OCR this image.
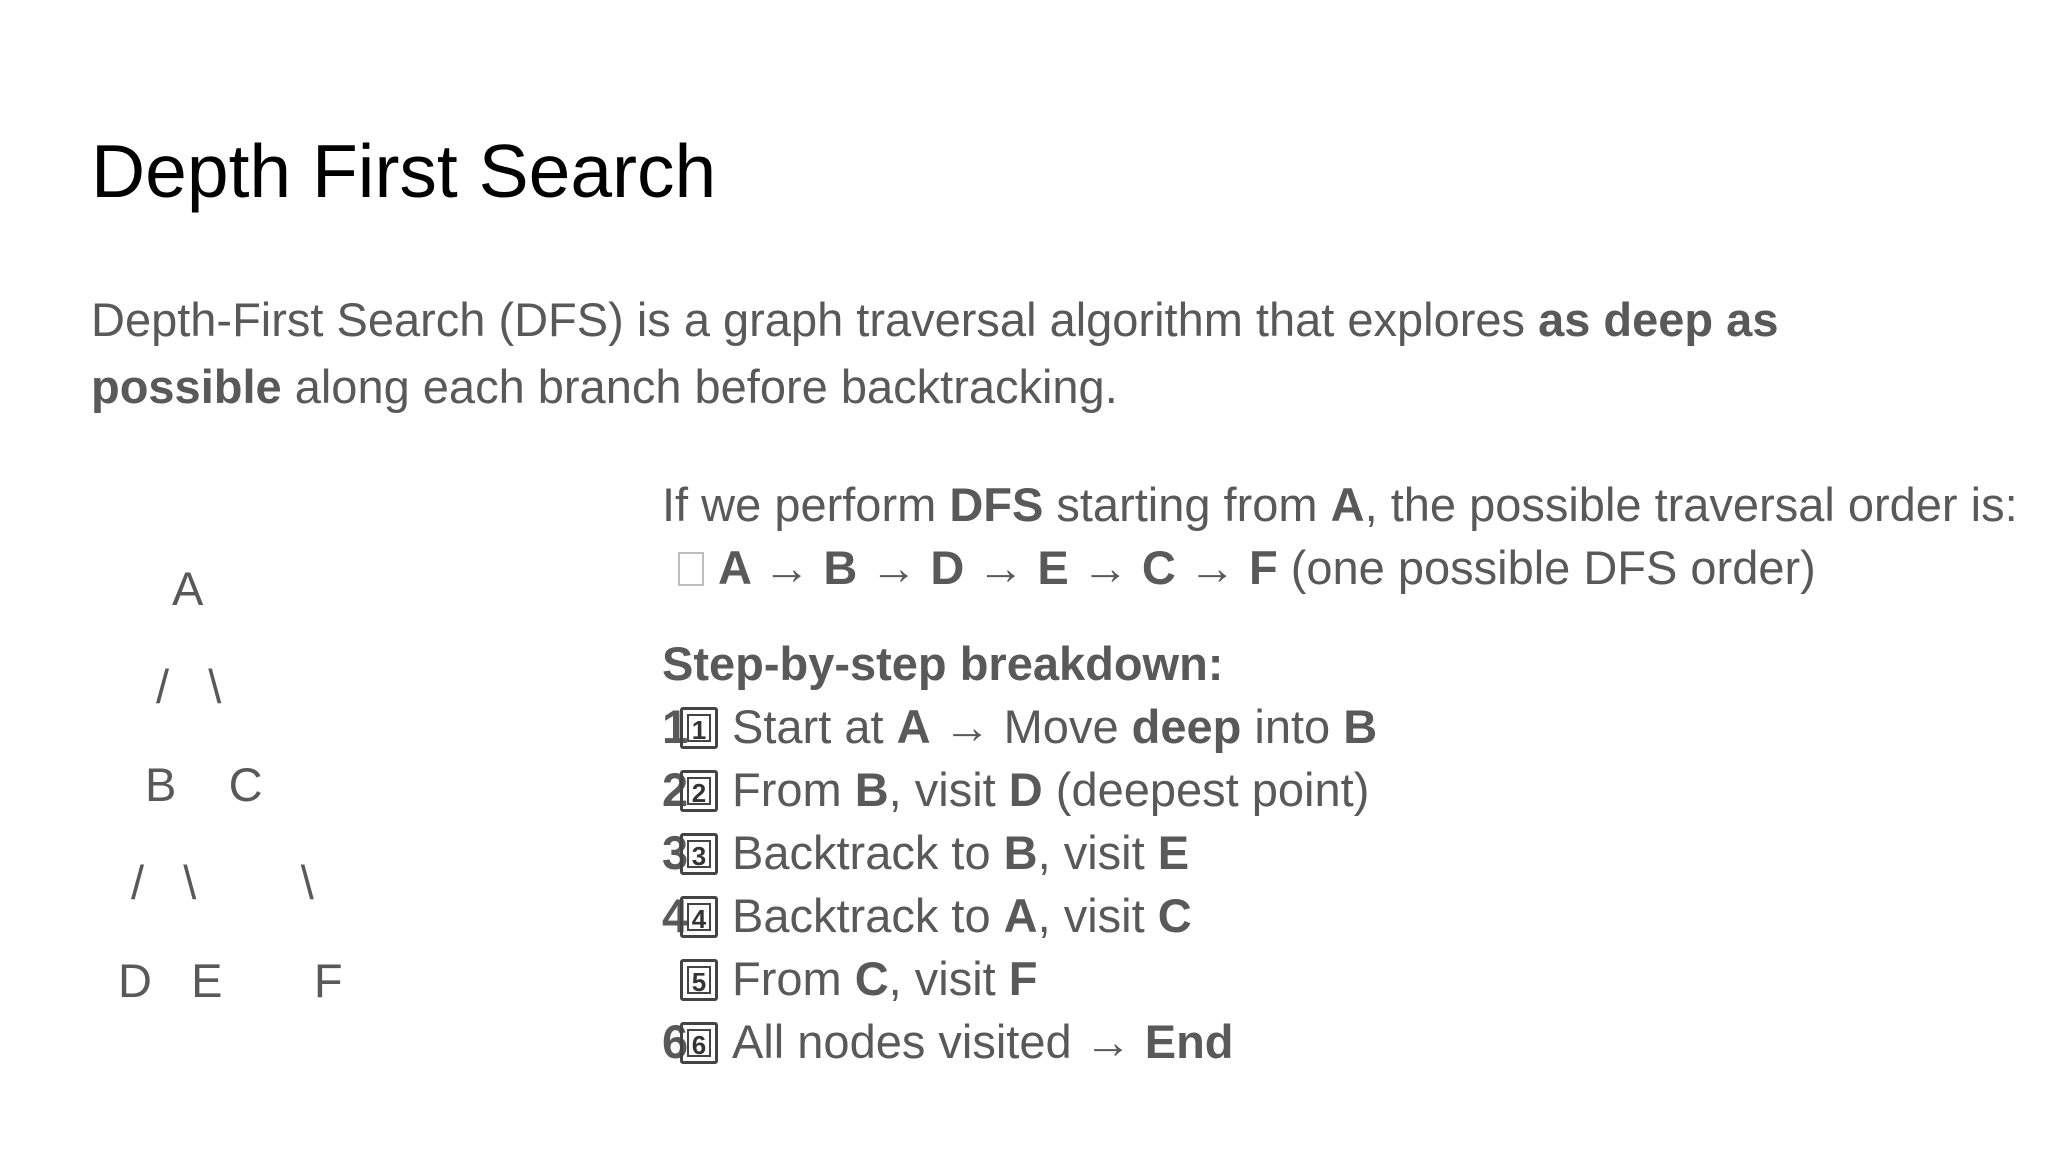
Depth First Search

Depth-First Search (DFS) is a graph traversal algorithm that explores as deep as
possible along each branch before backtracking.

A
/   \
B    C
/   \        \
D   E       F
If we perform DFS starting from A, the possible traversal order is:
A → B → D → E → C → F (one possible DFS order)
Step-by-step breakdown:
1 1 Start at A → Move deep into B
2 2 From B, visit D (deepest point)
3 3 Backtrack to B, visit E
4 4 Backtrack to A, visit C
5 From C, visit F
6 6 All nodes visited → End
